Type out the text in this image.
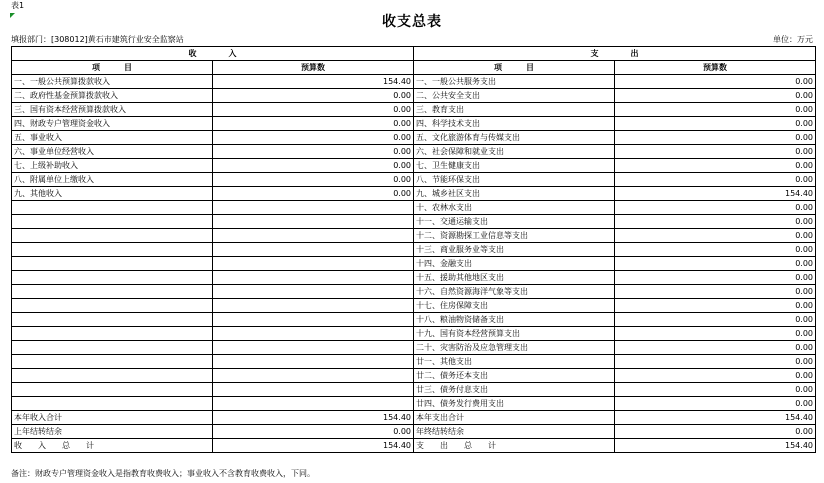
表1
收支总表
填报部门：[308012]黄石市建筑行业安全监察站	单位：万元
收　　　　入		支　　　　出	
项　　　目	预算数	项　　　目	预算数
一、一般公共预算拨款收入	154.40	一、一般公共服务支出	0.00
二、政府性基金预算拨款收入	0.00	二、公共安全支出	0.00
三、国有资本经营预算拨款收入	0.00	三、教育支出	0.00
四、财政专户管理资金收入	0.00	四、科学技术支出	0.00
五、事业收入	0.00	五、文化旅游体育与传媒支出	0.00
六、事业单位经营收入	0.00	六、社会保障和就业支出	0.00
七、上级补助收入	0.00	七、卫生健康支出	0.00
八、附属单位上缴收入	0.00	八、节能环保支出	0.00
九、其他收入	0.00	九、城乡社区支出	154.40
		十、农林水支出	0.00
		十一、交通运输支出	0.00
		十二、资源勘探工业信息等支出	0.00
		十三、商业服务业等支出	0.00
		十四、金融支出	0.00
		十五、援助其他地区支出	0.00
		十六、自然资源海洋气象等支出	0.00
		十七、住房保障支出	0.00
		十八、粮油物资储备支出	0.00
		十九、国有资本经营预算支出	0.00
		二十、灾害防治及应急管理支出	0.00
		廿一、其他支出	0.00
		廿二、债务还本支出	0.00
		廿三、债务付息支出	0.00
		廿四、债务发行费用支出	0.00
本年收入合计	154.40	本年支出合计	154.40
上年结转结余	0.00	年终结转结余	0.00
收　　入　　总　　计	154.40	支　　出　　总　　计	154.40
备注：财政专户管理资金收入是指教育收费收入；事业收入不含教育收费收入，下同。
